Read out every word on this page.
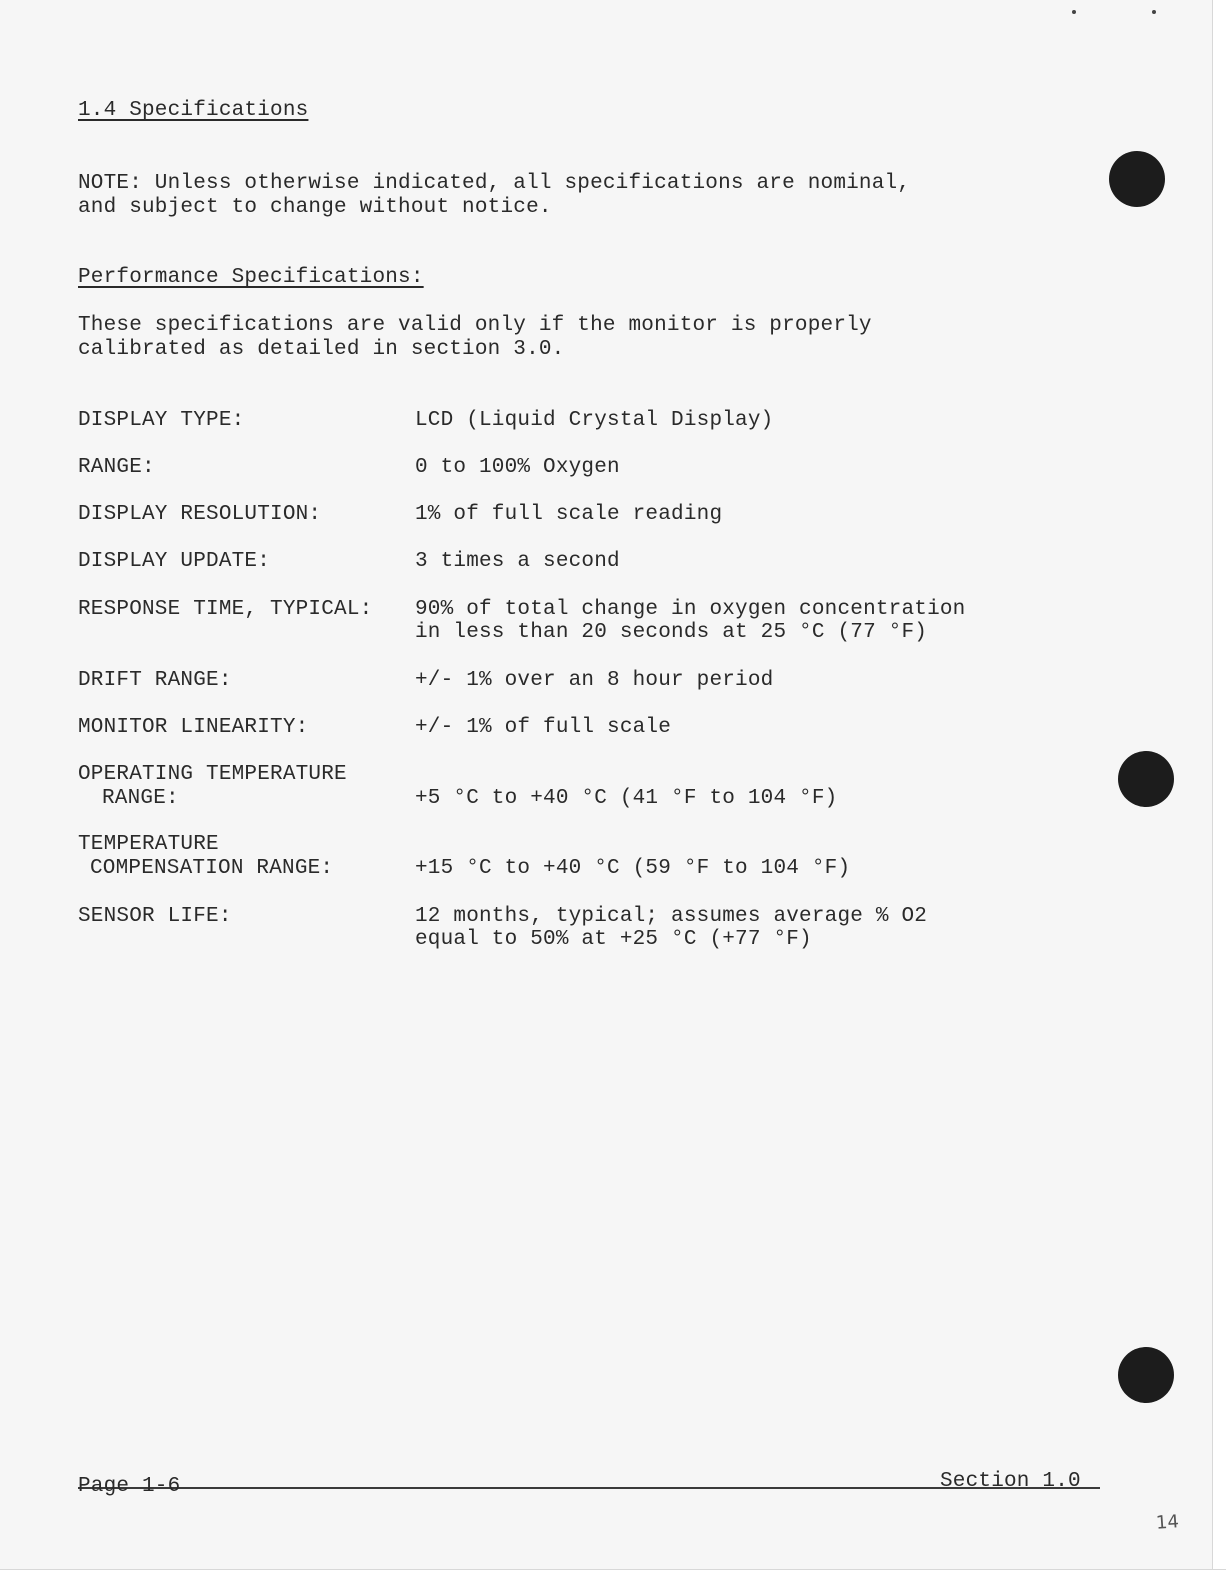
1.4 Specifications
NOTE: Unless otherwise indicated, all specifications are nominal,
and subject to change without notice.
Performance Specifications:
These specifications are valid only if the monitor is properly
calibrated as detailed in section 3.0.
DISPLAY TYPE:	LCD (Liquid Crystal Display)
RANGE:	0 to 100% Oxygen
DISPLAY RESOLUTION:	1% of full scale reading
DISPLAY UPDATE:	3 times a second
RESPONSE TIME, TYPICAL: 90% of total change in oxygen concentration
in less than 20 seconds at 25 °C (77 °F)
DRIFT RANGE:	+/- 1% over an 8 hour period
MONITOR LINEARITY:	+/- 1% of full scale
OPERATING TEMPERATURE
RANGE:	+5 °C to +40 °C (41 °F to 104 °F)
TEMPERATURE
COMPENSATION RANGE:	+15 °C to +40 °C (59 °F to 104 °F)
SENSOR LIFE:	12 months, typical; assumes average % O2
equal to 50% at +25 °C (+77 °F)
Page 1-6	Section 1.0
14
